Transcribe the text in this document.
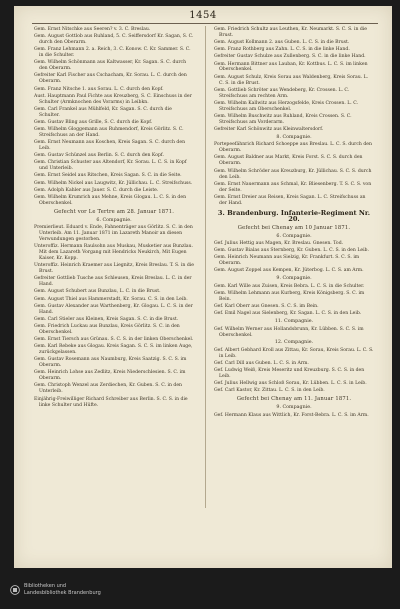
1454
Gem. Ernst Nitschke aus Seeren? v. 3. C. Breslau.
Gem. August Gottlob aus Ruhland, 5. C. Seiffersdorf Kr. Sagan, S. C. durch den Oberarm.
Gem. Franz Lehmann 2. a. Reich, 3. C. Konow. C. Kr. Sammer. S. C. in die Schulter.
Gem. Wilhelm Schönmann aus Kaltwasser, Kr. Sagan. S. C. durch den Oberarm.
Gefreiter Karl Fischer aus Cschacham, Kr. Sorau. L. C. durch den Oberarm.
Gem. Franz Nitsche 1. aus Sorau. L. C. durch den Kopf.
Aust. Hauptmann Paul Fichte aus Kreuzberg, S. C. Einschuss in der Schulter (Armknochen des Vorarms) in Leibkn.
Gem. Carl Frankel aus Mühlfeld, Kr. Sagan. S. C. durch die Schulter.
Gem. Gustav Bling aus Grille, S. C. durch die Kopf.
Gem. Wilhelm Gloggemann aus Ruhmendorf, Kreis Görlitz. S. C. Streifschuss an der Hand.
Gem. Ernst Neumann aus Koschen, Kreis Sagan. S. C. durch den Leib.
Gem. Gustav Schünzel aus Berlin. S. C. durch den Kopf.
Gem. Christian Schuster aus Altendorf, Kr. Sorau. L. C. S. in Kopf und Unterleib.
Gem. Ernst Seidel aus Ritschen, Kreis Sagan. S. C. in die Seite.
Gem. Wilhelm Nickel aus Laugwitz, Kr. Jüllichau. L. C. Streifschuss.
Gem. Adolph Kahler aus Jauer. S. C. durch die Leiste.
Gem. Wilhelm Krumrich aus Mehne, Kreis Glogau. L. C. S. in den Oberschenkel.
Gefecht vor Le Tertre am 28. Januar 1871.
6. Compagnie.
Premierlieut. Eduard v. Ende, Fahnenträger aus Görlitz. S. C. in den Unterleib. Am 11. Januar 1871 im Lazareth Manoir an diesen Verwundungen gestorben.
Unteroffiz. Hermann Raulsohn aus Muskau, Musketier aus Bunzlau. Mit dem Lazareth Vorgang mit Hendricks Neukirch, Mit Eugen Kaiser, Kr. Kopp.
Unteroffiz. Heinrich Kraemer aus Liegnitz, Kreis Breslau. T. S. in die Brust.
Gefreiter Gottlieb Tusche aus Schleusen, Kreis Breslau. L. C. in der Hand.
Gem. August Schubert aus Bunzlau, L. C. in die Brust.
Gem. August Thiel aus Hammerstadt, Kr. Sorau. C. S. in den Leib.
Gem. Gustav Alexander aus Warthenberg, Kr. Glogau. L. C. S. in der Hand.
Gem. Carl Stieler aus Kleinen, Kreis Sagan. S. C. in die Brust.
Gem. Friedrich Luckau aus Bunzlau, Kreis Görlitz. S. C. in den Oberschenkel.
Gem. Ernst Tiersch aus Grünau. S. C. S. in der linken Oberschenkel.
Gem. Karl Rebeke aus Glogau. Kreis Sagan. S. C. S. im linken Auge, zurückgelassen.
Gem. Gustav Rosemann aus Naumburg, Kreis Saatzig. S. C. S. im Oberarm.
Gem. Heinrich Lohse aus Zedlitz, Kreis Niederschlesien. S. C. im Oberarm.
Gem. Christoph Wenzel aus Zerdiechen, Kr. Guben. S. C. in den Unterleib.
Einjährig-Freiwilliger Richard Schreiber aus Berlin. S. C. S. in die linke Schulter und Hüfte.
Gem. Friedrich Schultz aus Leuthen, Kr. Neumarkt. S. C. S. in die Brust.
Gem. August Kollmann 2. aus Guben. L. C. S. in die Brust.
Gem. Franz Rothberg aus Zahn. L. C. S. in die linke Hand.
Gefreiter Gustav Schulze aus Zullenberg. S. C. in die linke Hand.
Gem. Hermann Bittner aus Lauban, Kr. Kottbus. L. C. S. im linken Oberschenkel.
Gem. August Schulz, Kreis Sorau aus Waldenberg, Kreis Sorau. L. C. S. in die Brust.
Gem. Gottlieb Schröter aus Wendeberg, Kr. Crossen. L. C. Streifschuss am rechten Arm.
Gem. Wilhelm Kallwitz aus Herzogsfelde, Kreis Crossen. L. C. Streifschuss am Oberschenkel.
Gem. Wilhelm Buschwitz aus Ruhland, Kreis Crossen. S. C. Streifschuss am Vorderarm.
Gefreiter Karl Schönwitz aus Kleinwaltersdorf.
8. Compagnie.
Portepeefähnrich Richard Schoeppe aus Breslau. L. C. S. durch den Oberarm.
Gem. August Baldner aus Markt, Kreis Forst. S. C. S. durch den Oberarm.
Gem. Wilhelm Schröder aus Kreuzburg, Kr. Jüllichau. S. C. S. durch den Leib.
Gem. Ernst Nauermann aus Schmal, Kr. Bliesenberg. T. S. C. S. von der Seite.
Gem. Ernst Dreier aus Reisen, Kreis Sagan. L. C. Streifschuss an der Hand.
3. Brandenburg. Infanterie-Regiment Nr. 20.
Gefecht bei Chenay am 10 Januar 1871.
6. Compagnie.
Gef. Julius Hettig aus Magen, Kr. Breslau. Gnesen. Tod.
Gem. Gustav Bialas aus Sternberg, Kr. Guben. L. C. S. in den Leib.
Gem. Heinrich Neumann aus Sielzig, Kr. Frankfurt. S. C. S. im Oberarm.
Gem. August Zoppel aus Kempen, Kr. Jüterbog. L. C. S. am Arm.
9. Compagnie.
Gem. Karl Wille aus Zuisen, Kreis Bebra. L. C. S. in die Schulter.
Gem. Wilhelm Lehmann aus Kurberg, Kreis Königsberg. S. C. im Bein.
Gef. Karl Oberr aus Gnesen. S. C. S. im Bein.
Gef. Emil Nagel aus Sielenberg, Kr. Sagan. L. C. S. in den Leib.
11. Compagnie.
Gef. Wilhelm Werner aus Hollandsbrunn, Kr. Lübben. S. C. S. im Oberschenkel.
12. Compagnie.
Gef. Albert Gebhard Kroll aus Zittau, Kr. Sorau, Kreis Sorau. L. C. S. in Leib.
Gef. Carl Dill aus Guben. L. C. S. in Arm.
Gef. Ludwig Weiß, Kreis Meseritz und Kreuzburg. S. C. S. in den Leib.
Gef. Julius Hellwig aus Schloß Sorau, Kr. Lübben. L. C. S. in Leib.
Gef. Carl Kastor, Kr. Zittau. L. C. S. in den Leib.
Gefecht bei Chenay am 11. Januar 1871.
9. Compagnie.
Gef. Hermann Klaus aus Wittlich, Kr. Forst-Bebra. L. C. S. im Arm.
Bibliotheken und
Landesbibliothek Brandenburg
